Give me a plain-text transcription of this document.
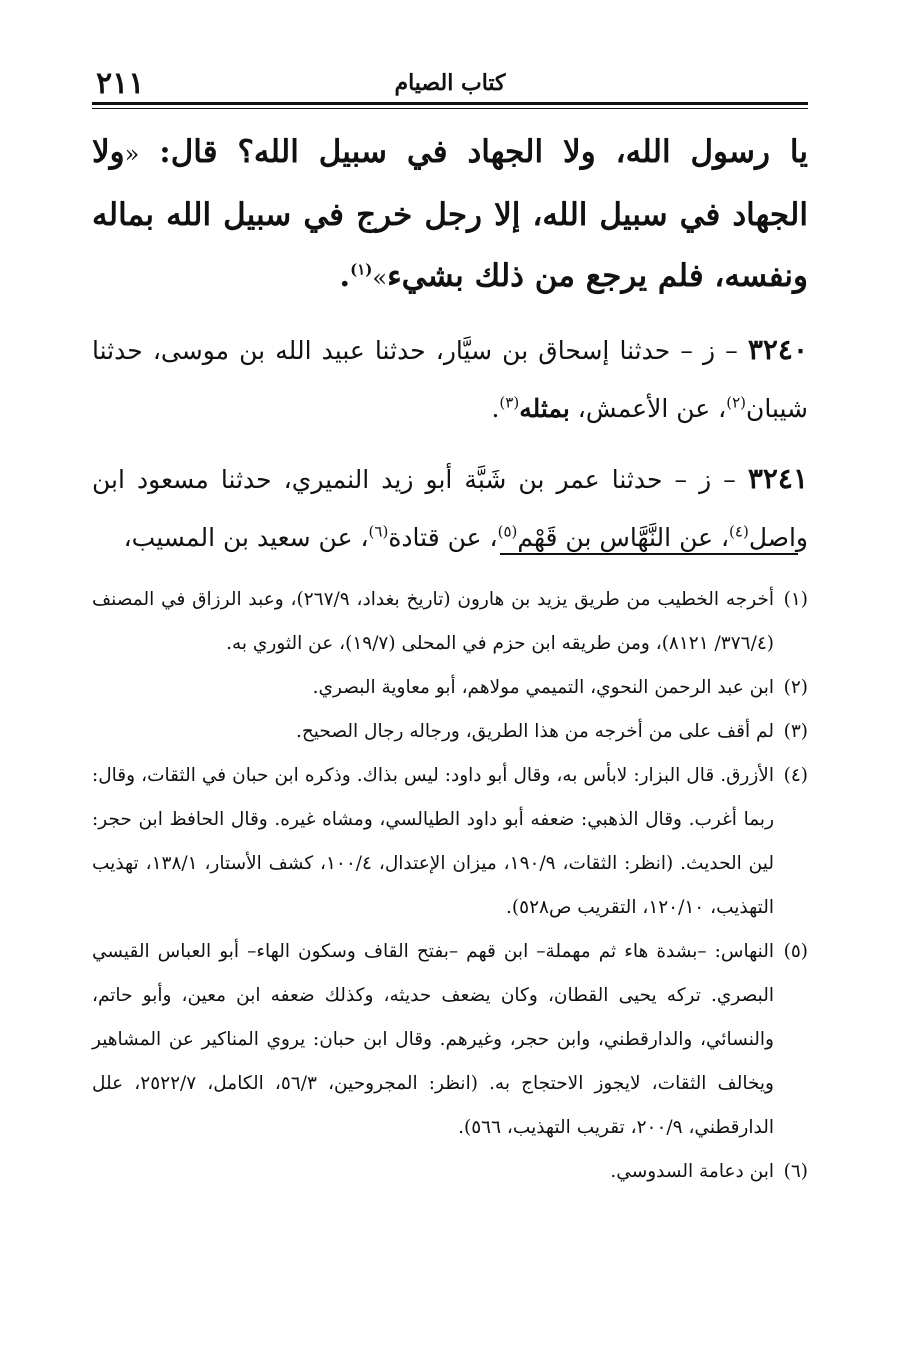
٢١١	كتاب الصيام

يا رسول الله، ولا الجهاد في سبيل الله؟ قال: «ولا الجهاد في سبيل الله، إلا رجل خرج في سبيل الله بماله ونفسه، فلم يرجع من ذلك بشيء»$^{(١)}$.

٣٢٤٠ – ز – حدثنا إسحاق بن سيَّار، حدثنا عبيد الله بن موسى، حدثنا شيبان$^{(٢)}$، عن الأعمش، بمثله$^{(٣)}$.

٣٢٤١ – ز – حدثنا عمر بن شَبَّة أبو زيد النميري، حدثنا مسعود ابن واصل$^{(٤)}$، عن النَّهَّاس بن قَهْم$^{(٥)}$، عن قتادة$^{(٦)}$، عن سعيد بن المسيب،

(١)
أخرجه الخطيب من طريق يزيد بن هارون (تاريخ بغداد، ٢٦٧/٩)، وعبد الرزاق في المصنف (٣٧٦/٤/ ٨١٢١)، ومن طريقه ابن حزم في المحلى (١٩/٧)، عن الثوري به.
(٢)
ابن عبد الرحمن النحوي، التميمي مولاهم، أبو معاوية البصري.
(٣)
لم أقف على من أخرجه من هذا الطريق، ورجاله رجال الصحيح.
(٤)
الأزرق. قال البزار: لابأس به، وقال أبو داود: ليس بذاك. وذكره ابن حبان في الثقات، وقال: ربما أغرب. وقال الذهبي: ضعفه أبو داود الطيالسي، ومشاه غيره. وقال الحافظ ابن حجر: لين الحديث. (انظر: الثقات، ١٩٠/٩، ميزان الإعتدال، ١٠٠/٤، كشف الأستار، ١٣٨/١، تهذيب التهذيب، ١٢٠/١٠، التقريب ص٥٢٨).
(٥)
النهاس: –بشدة هاء ثم مهملة– ابن قهم –بفتح القاف وسكون الهاء– أبو العباس القيسي البصري. تركه يحيى القطان، وكان يضعف حديثه، وكذلك ضعفه ابن معين، وأبو حاتم، والنسائي، والدارقطني، وابن حجر، وغيرهم. وقال ابن حبان: يروي المناكير عن المشاهير ويخالف الثقات، لايجوز الاحتجاج به. (انظر: المجروحين، ٥٦/٣، الكامل، ٢٥٢٢/٧، علل الدارقطني، ٢٠٠/٩، تقريب التهذيب، ٥٦٦).
(٦)
ابن دعامة السدوسي.
